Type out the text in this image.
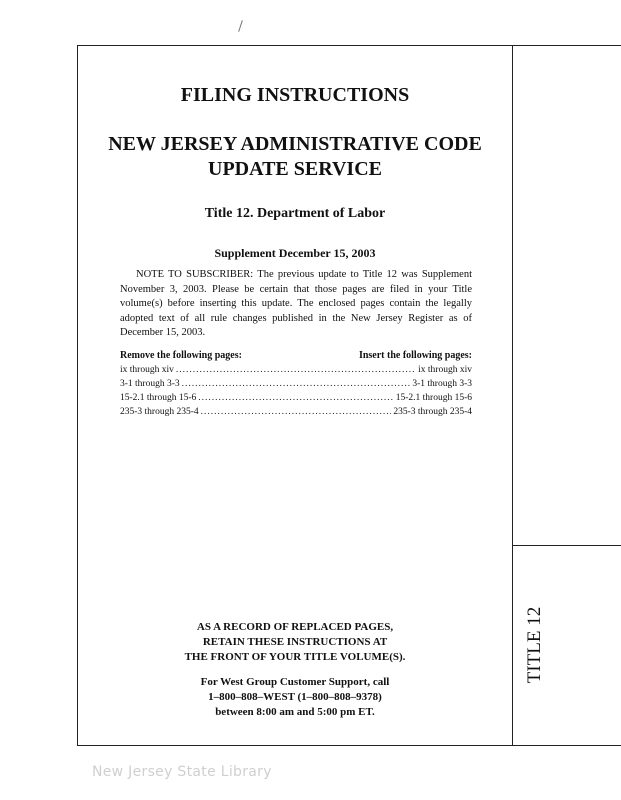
FILING INSTRUCTIONS

NEW JERSEY ADMINISTRATIVE CODE
UPDATE SERVICE

Title 12. Department of Labor

Supplement December 15, 2003

NOTE TO SUBSCRIBER: The previous update to Title 12 was Supplement November 3, 2003. Please be certain that those pages are filed in your Title volume(s) before inserting this update. The enclosed pages contain the legally adopted text of all rule changes published in the New Jersey Register as of December 15, 2003.

Remove the following pages:	Insert the following pages:
ix through xiv .....	ix through xiv
3-1 through 3-3 .....	3-1 through 3-3
15-2.1 through 15-6 .....	15-2.1 through 15-6
235-3 through 235-4 .....	235-3 through 235-4
AS A RECORD OF REPLACED PAGES,
RETAIN THESE INSTRUCTIONS AT
THE FRONT OF YOUR TITLE VOLUME(S).
For West Group Customer Support, call
1–800–808–WEST (1–800–808–9378)
between 8:00 am and 5:00 pm ET.
TITLE 12
New Jersey State Library
